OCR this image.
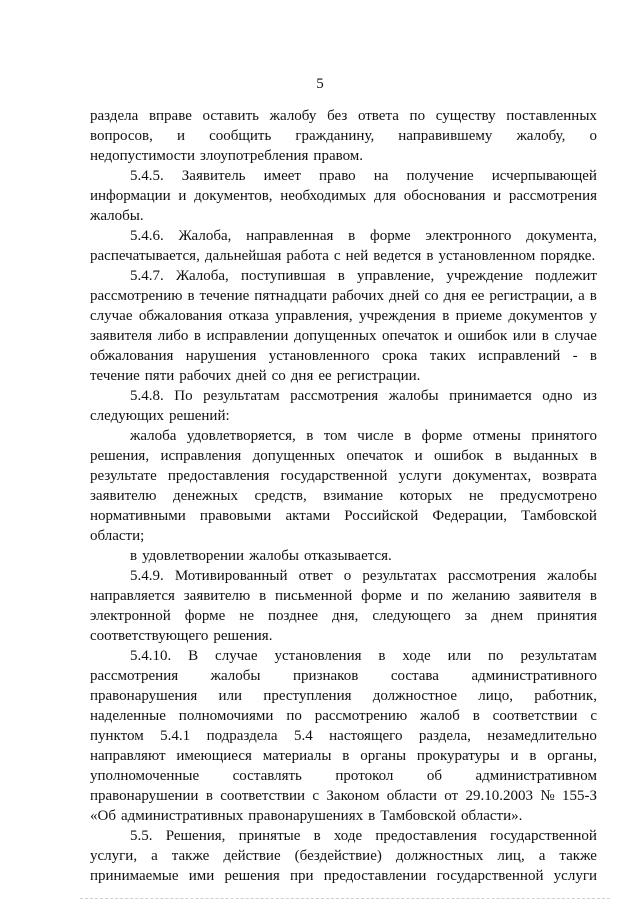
5
раздела вправе оставить жалобу без ответа по существу поставленных
вопросов, и сообщить гражданину, направившему жалобу, о
недопустимости злоупотребления правом.
5.4.5. Заявитель имеет право на получение исчерпывающей
информации и документов, необходимых для обоснования и рассмотрения
жалобы.
5.4.6. Жалоба, направленная в форме электронного документа,
распечатывается, дальнейшая работа с ней ведется в установленном порядке.
5.4.7. Жалоба, поступившая в управление, учреждение подлежит
рассмотрению в течение пятнадцати рабочих дней со дня ее регистрации, а в
случае обжалования отказа управления, учреждения в приеме документов у
заявителя либо в исправлении допущенных опечаток и ошибок или в случае
обжалования нарушения установленного срока таких исправлений - в
течение пяти рабочих дней со дня ее регистрации.
5.4.8. По результатам рассмотрения жалобы принимается одно из
следующих решений:
жалоба удовлетворяется, в том числе в форме отмены принятого
решения, исправления допущенных опечаток и ошибок в выданных в
результате предоставления государственной услуги документах, возврата
заявителю денежных средств, взимание которых не предусмотрено
нормативными правовыми актами Российской Федерации, Тамбовской
области;
в удовлетворении жалобы отказывается.
5.4.9. Мотивированный ответ о результатах рассмотрения жалобы
направляется заявителю в письменной форме и по желанию заявителя в
электронной форме не позднее дня, следующего за днем принятия
соответствующего решения.
5.4.10. В случае установления в ходе или по результатам
рассмотрения жалобы признаков состава административного
правонарушения или преступления должностное лицо, работник,
наделенные полномочиями по рассмотрению жалоб в соответствии с
пунктом 5.4.1 подраздела 5.4 настоящего раздела, незамедлительно
направляют имеющиеся материалы в органы прокуратуры и в органы,
уполномоченные составлять протокол об административном
правонарушении в соответствии с Законом области от 29.10.2003 № 155-З
«Об административных правонарушениях в Тамбовской области».
5.5. Решения, принятые в ходе предоставления государственной
услуги, а также действие (бездействие) должностных лиц, а также
принимаемые ими решения при предоставлении государственной услуги
